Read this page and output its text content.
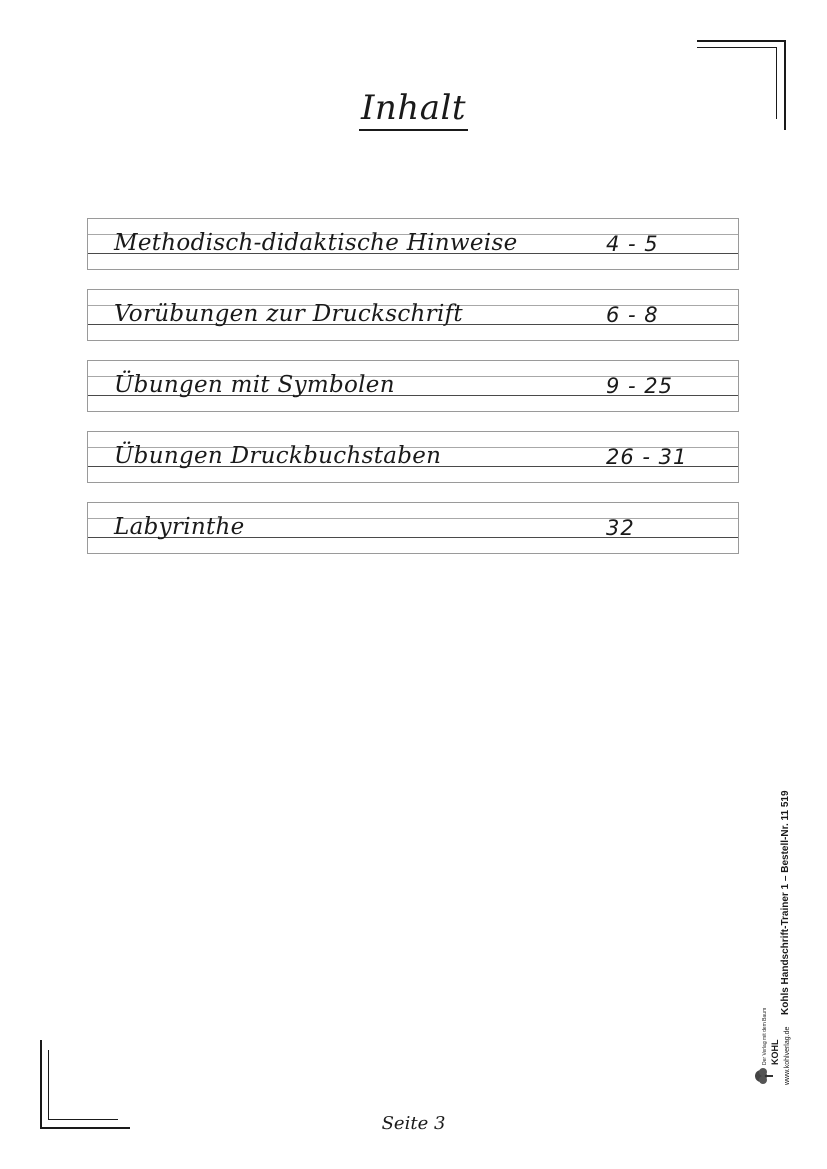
Inhalt
Methodisch-didaktische Hinweise	4 - 5
Vorübungen zur Druckschrift	6 - 8
Übungen mit Symbolen	9 - 25
Übungen Druckbuchstaben	26 - 31
Labyrinthe	32
Der Verlag mit dem Baum KOHL www.kohlverlag.de
Kohls Handschrift-Trainer 1 – Bestell-Nr. 11 519
Seite 3
